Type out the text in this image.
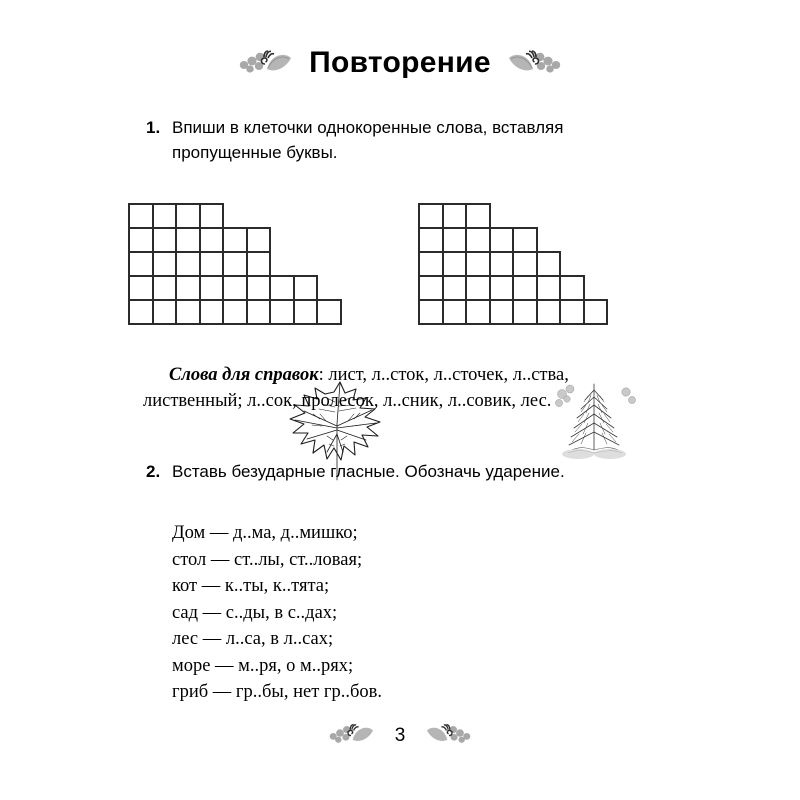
Повторение
1. Впиши в клеточки однокоренные слова, вставляя пропущенные буквы.
Слова для справок: лист, л..сток, л..сточек, л..ства, лиственный; л..сок, пролесок, л..сник, л..совик, лес.
2. Вставь безударные гласные. Обозначь ударение.
Дом — д..ма, д..мишко;
стол — ст..лы, ст..ловая;
кот — к..ты, к..тята;
сад — с..ды, в с..дах;
лес — л..са, в л..сах;
море — м..ря, о м..рях;
гриб — гр..бы, нет гр..бов.
3
